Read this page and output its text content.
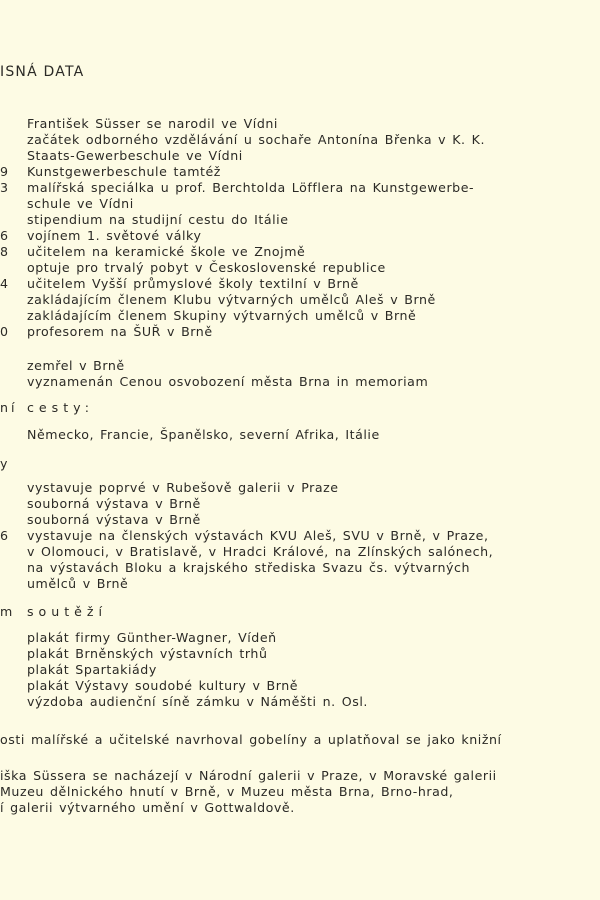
ISNÁ DATA
František Süsser se narodil ve Vídni
začátek odborného vzdělávání u sochaře Antonína Břenka v K. K.
Staats-Gewerbeschule ve Vídni
9	Kunstgewerbeschule tamtéž
3	malířská speciálka u prof. Berchtolda Löfflera na Kunstgewerbe-
schule ve Vídni
stipendium na studijní cestu do Itálie
6	vojínem 1. světové války
8	učitelem na keramické škole ve Znojmě
optuje pro trvalý pobyt v Československé republice
4	učitelem Vyšší průmyslové školy textilní v Brně
zakládajícím členem Klubu výtvarných umělců Aleš v Brně
zakládajícím členem Skupiny výtvarných umělců v Brně
0	profesorem na ŠUŘ v Brně
zemřel v Brně
vyznamenán Cenou osvobození města Brna in memoriam
ní cesty:
Německo, Francie, Španělsko, severní Afrika, Itálie
y
vystavuje poprvé v Rubešově galerii v Praze
souborná výstava v Brně
souborná výstava v Brně
6	vystavuje na členských výstavách KVU Aleš, SVU v Brně, v Praze,
v Olomouci, v Bratislavě, v Hradci Králové, na Zlínských salónech,
na výstavách Bloku a krajského střediska Svazu čs. výtvarných
umělců v Brně
m soutěží
plakát firmy Günther-Wagner, Vídeň
plakát Brněnských výstavních trhů
plakát Spartakiády
plakát Výstavy soudobé kultury v Brně
výzdoba audienční síně zámku v Náměšti n. Osl.
osti malířské a učitelské navrhoval gobelíny a uplatňoval se jako knižní
iška Süssera se nacházejí v Národní galerii v Praze, v Moravské galerii
Muzeu dělnického hnutí v Brně, v Muzeu města Brna, Brno-hrad,
í galerii výtvarného umění v Gottwaldově.
